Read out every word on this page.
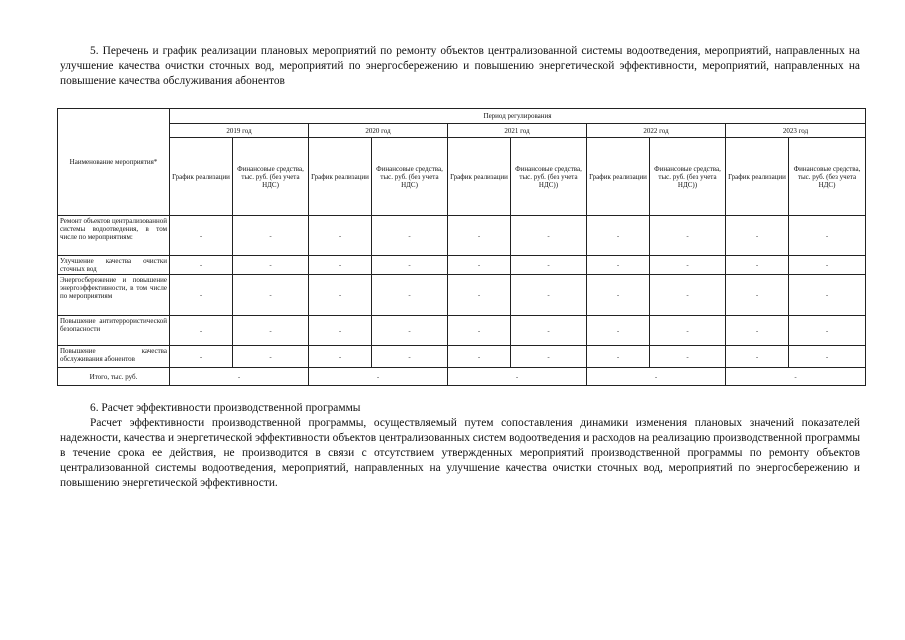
5. Перечень и график реализации плановых мероприятий по ремонту объектов централизованной системы водоотведения, мероприятий, направленных на улучшение качества очистки сточных вод, мероприятий по энергосбережению и повышению энергетической эффективности, мероприятий, направленных на повышение качества обслуживания абонентов

Наименование мероприятия*	Период регулирования									
	2019 год		2020 год		2021 год		2022 год		2023 год	
	График реализации	Финансовые средства, тыс. руб. (без учета НДС)	График реализации	Финансовые средства, тыс. руб. (без учета НДС)	График реализации	Финансовые средства, тыс. руб. (без учета НДС))	График реализации	Финансовые средства, тыс. руб. (без учета НДС))	График реализации	Финансовые средства, тыс. руб. (без учета НДС)
Ремонт объектов централизованной системы водоотведения, в том числе по мероприятиям:	-	-	-	-	-	-	-	-	-	-
Улучшение качества очистки сточных вод	-	-	-	-	-	-	-	-	-	-
Энергосбережение и повышение энергоэффективности, в том числе по мероприятиям	-	-	-	-	-	-	-	-	-	-
Повышение антитеррористической безопасности	-	-	-	-	-	-	-	-	-	-
Повышение качества обслуживания абонентов	-	-	-	-	-	-	-	-	-	-
Итого, тыс. руб.	-		-		-		-		-	

6. Расчет эффективности производственной программы

Расчет эффективности производственной программы, осуществляемый путем сопоставления динамики изменения плановых значений показателей надежности, качества и энергетической эффективности объектов централизованных систем водоотведения и расходов на реализацию производственной программы в течение срока ее действия, не производится в связи с отсутствием утвержденных мероприятий производственной программы по ремонту объектов централизованной системы водоотведения, мероприятий, направленных на улучшение качества очистки сточных вод, мероприятий по энергосбережению и повышению энергетической эффективности.
